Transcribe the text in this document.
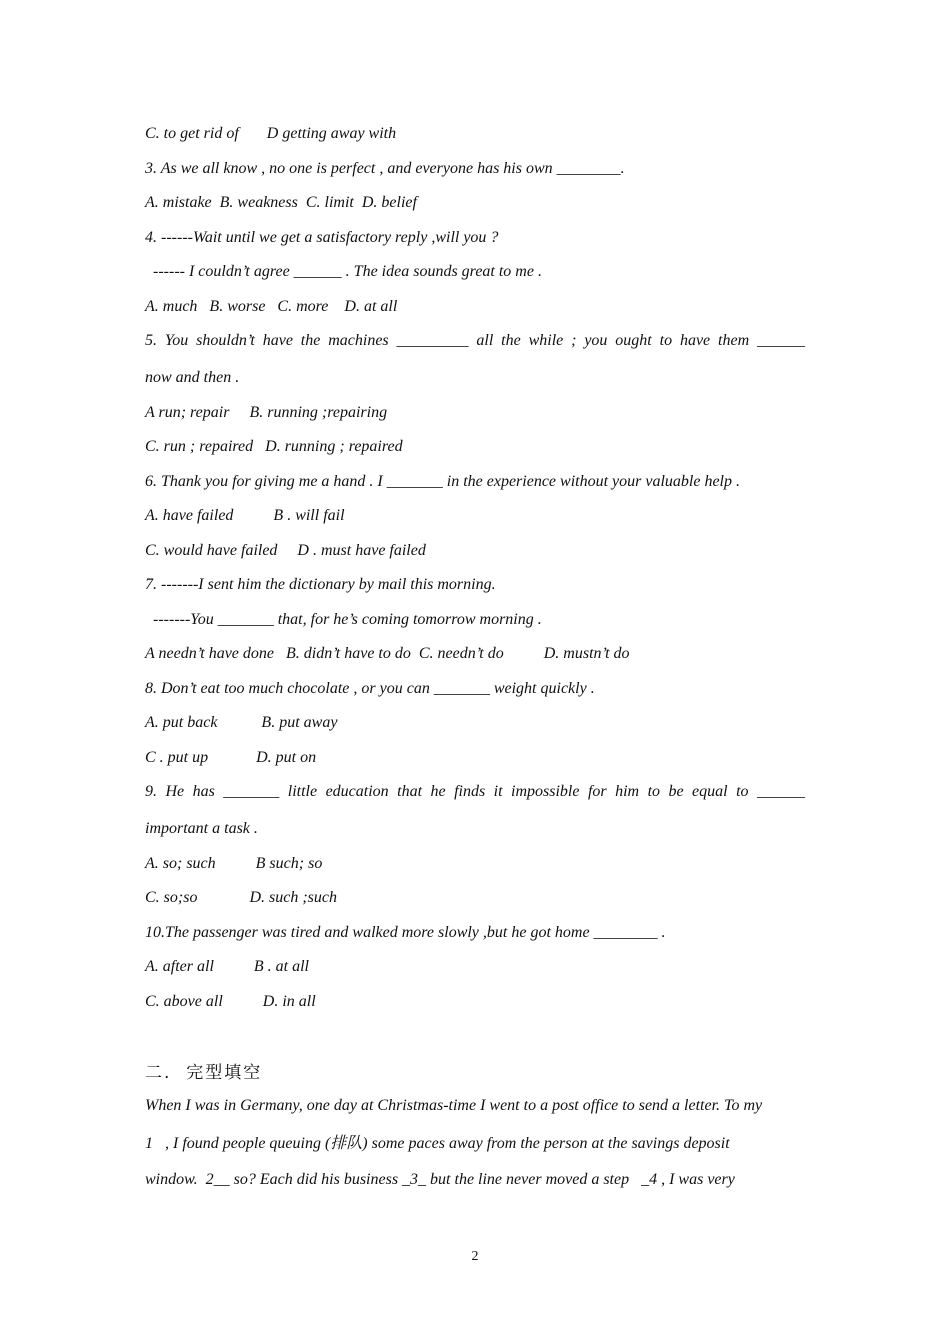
C. to get rid of       D getting away with

3. As we all know , no one is perfect , and everyone has his own ________.

A. mistake  B. weakness  C. limit  D. belief

4. ------Wait until we get a satisfactory reply ,will you ?

------ I couldn’t agree ______ . The idea sounds great to me .

A. much   B. worse   C. more    D. at all

5. You shouldn’t have the machines _________ all the while ; you ought to have them ______

now and then .

A run; repair     B. running ;repairing

C. run ; repaired   D. running ; repaired

6. Thank you for giving me a hand . I _______ in the experience without your valuable help .

A. have failed          B . will fail

C. would have failed     D . must have failed

7. -------I sent him the dictionary by mail this morning.

-------You _______ that, for he’s coming tomorrow morning .

A needn’t have done   B. didn’t have to do  C. needn’t do          D. mustn’t do

8. Don’t eat too much chocolate , or you can _______ weight quickly .

A. put back           B. put away

C . put up            D. put on

9. He has _______ little education that he finds it impossible for him to be equal to ______

important a task .

A. so; such          B such; so

C. so;so             D. such ;such

10.The passenger was tired and walked more slowly ,but he got home ________ .

A. after all          B . at all

C. above all          D. in all

二.  完型填空

When I was in Germany, one day at Christmas-time I went to a post office to send a letter. To my

1   , I found people queuing (排队) some paces away from the person at the savings deposit

window.  2__ so? Each did his business _3_ but the line never moved a step   _4 , I was very

2
